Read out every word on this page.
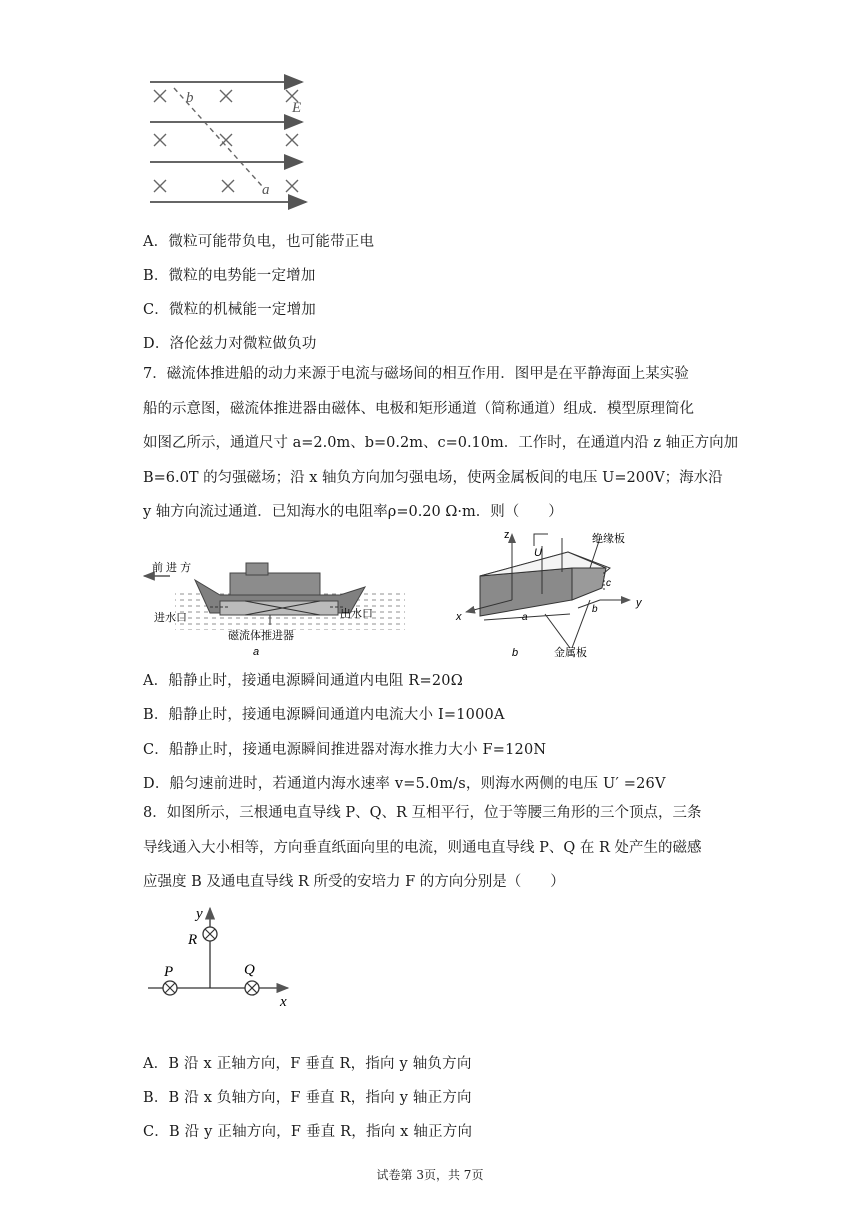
b
E
a
A．微粒可能带负电，也可能带正电
B．微粒的电势能一定增加
C．微粒的机械能一定增加
D．洛伦兹力对微粒做负功
7．磁流体推进船的动力来源于电流与磁场间的相互作用．图甲是在平静海面上某实验
船的示意图，磁流体推进器由磁体、电极和矩形通道（简称通道）组成．模型原理简化
如图乙所示，通道尺寸 a=2.0m、b=0.2m、c=0.10m．工作时，在通道内沿 z 轴正方向加
B=6.0T 的匀强磁场；沿 x 轴负方向加匀强电场，使两金属板间的电压 U=200V；海水沿
y 轴方向流过通道．已知海水的电阻率ρ=0.20 Ω·m．则（　　）
前 进 方
进水口	出水口
磁流体推进器
a
z
U
绝缘板
c
y
b
x	a
金属板
b
A．船静止时，接通电源瞬间通道内电阻 R=20Ω
B．船静止时，接通电源瞬间通道内电流大小 I=1000A
C．船静止时，接通电源瞬间推进器对海水推力大小 F=120N
D．船匀速前进时，若通道内海水速率 v=5.0m/s，则海水两侧的电压 U′ =26V
8．如图所示，三根通电直导线 P、Q、R 互相平行，位于等腰三角形的三个顶点，三条
导线通入大小相等，方向垂直纸面向里的电流，则通电直导线 P、Q 在 R 处产生的磁感
应强度 B 及通电直导线 R 所受的安培力 F 的方向分别是（　　）
y
R
P	Q
x
A．B 沿 x 正轴方向，F 垂直 R，指向 y 轴负方向
B．B 沿 x 负轴方向，F 垂直 R，指向 y 轴正方向
C．B 沿 y 正轴方向，F 垂直 R，指向 x 轴正方向
试卷第 3页，共 7页
